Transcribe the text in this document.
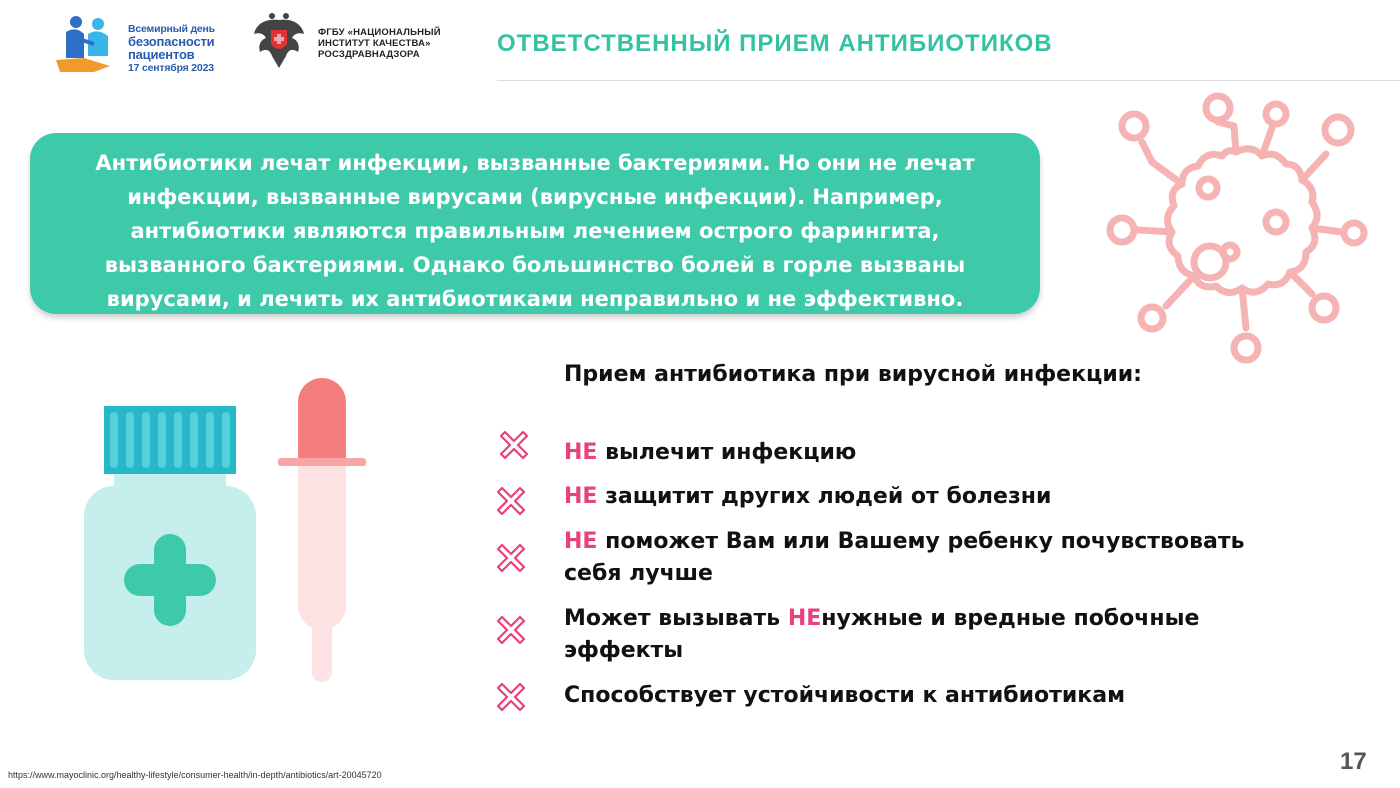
Всемирный день
безопасности
пациентов
17 сентября 2023
ФГБУ «НАЦИОНАЛЬНЫЙ
ИНСТИТУТ КАЧЕСТВА»
РОСЗДРАВНАДЗОРА	ОТВЕТСТВЕННЫЙ ПРИЕМ АНТИБИОТИКОВ
Антибиотики лечат инфекции, вызванные бактериями. Но они не лечат
инфекции, вызванные вирусами (вирусные инфекции). Например,
антибиотики являются правильным лечением острого фарингита,
вызванного бактериями. Однако большинство болей в горле вызваны
вирусами, и лечить их антибиотиками неправильно и не эффективно.
Прием антибиотика при вирусной инфекции:
НЕ вылечит инфекцию
НЕ защитит других людей от болезни
НЕ поможет Вам или Вашему ребенку почувствовать себя лучше
Может вызывать НЕнужные и вредные побочные эффекты
Способствует устойчивости к антибиотикам
https://www.mayoclinic.org/healthy-lifestyle/consumer-health/in-depth/antibiotics/art-20045720	17
